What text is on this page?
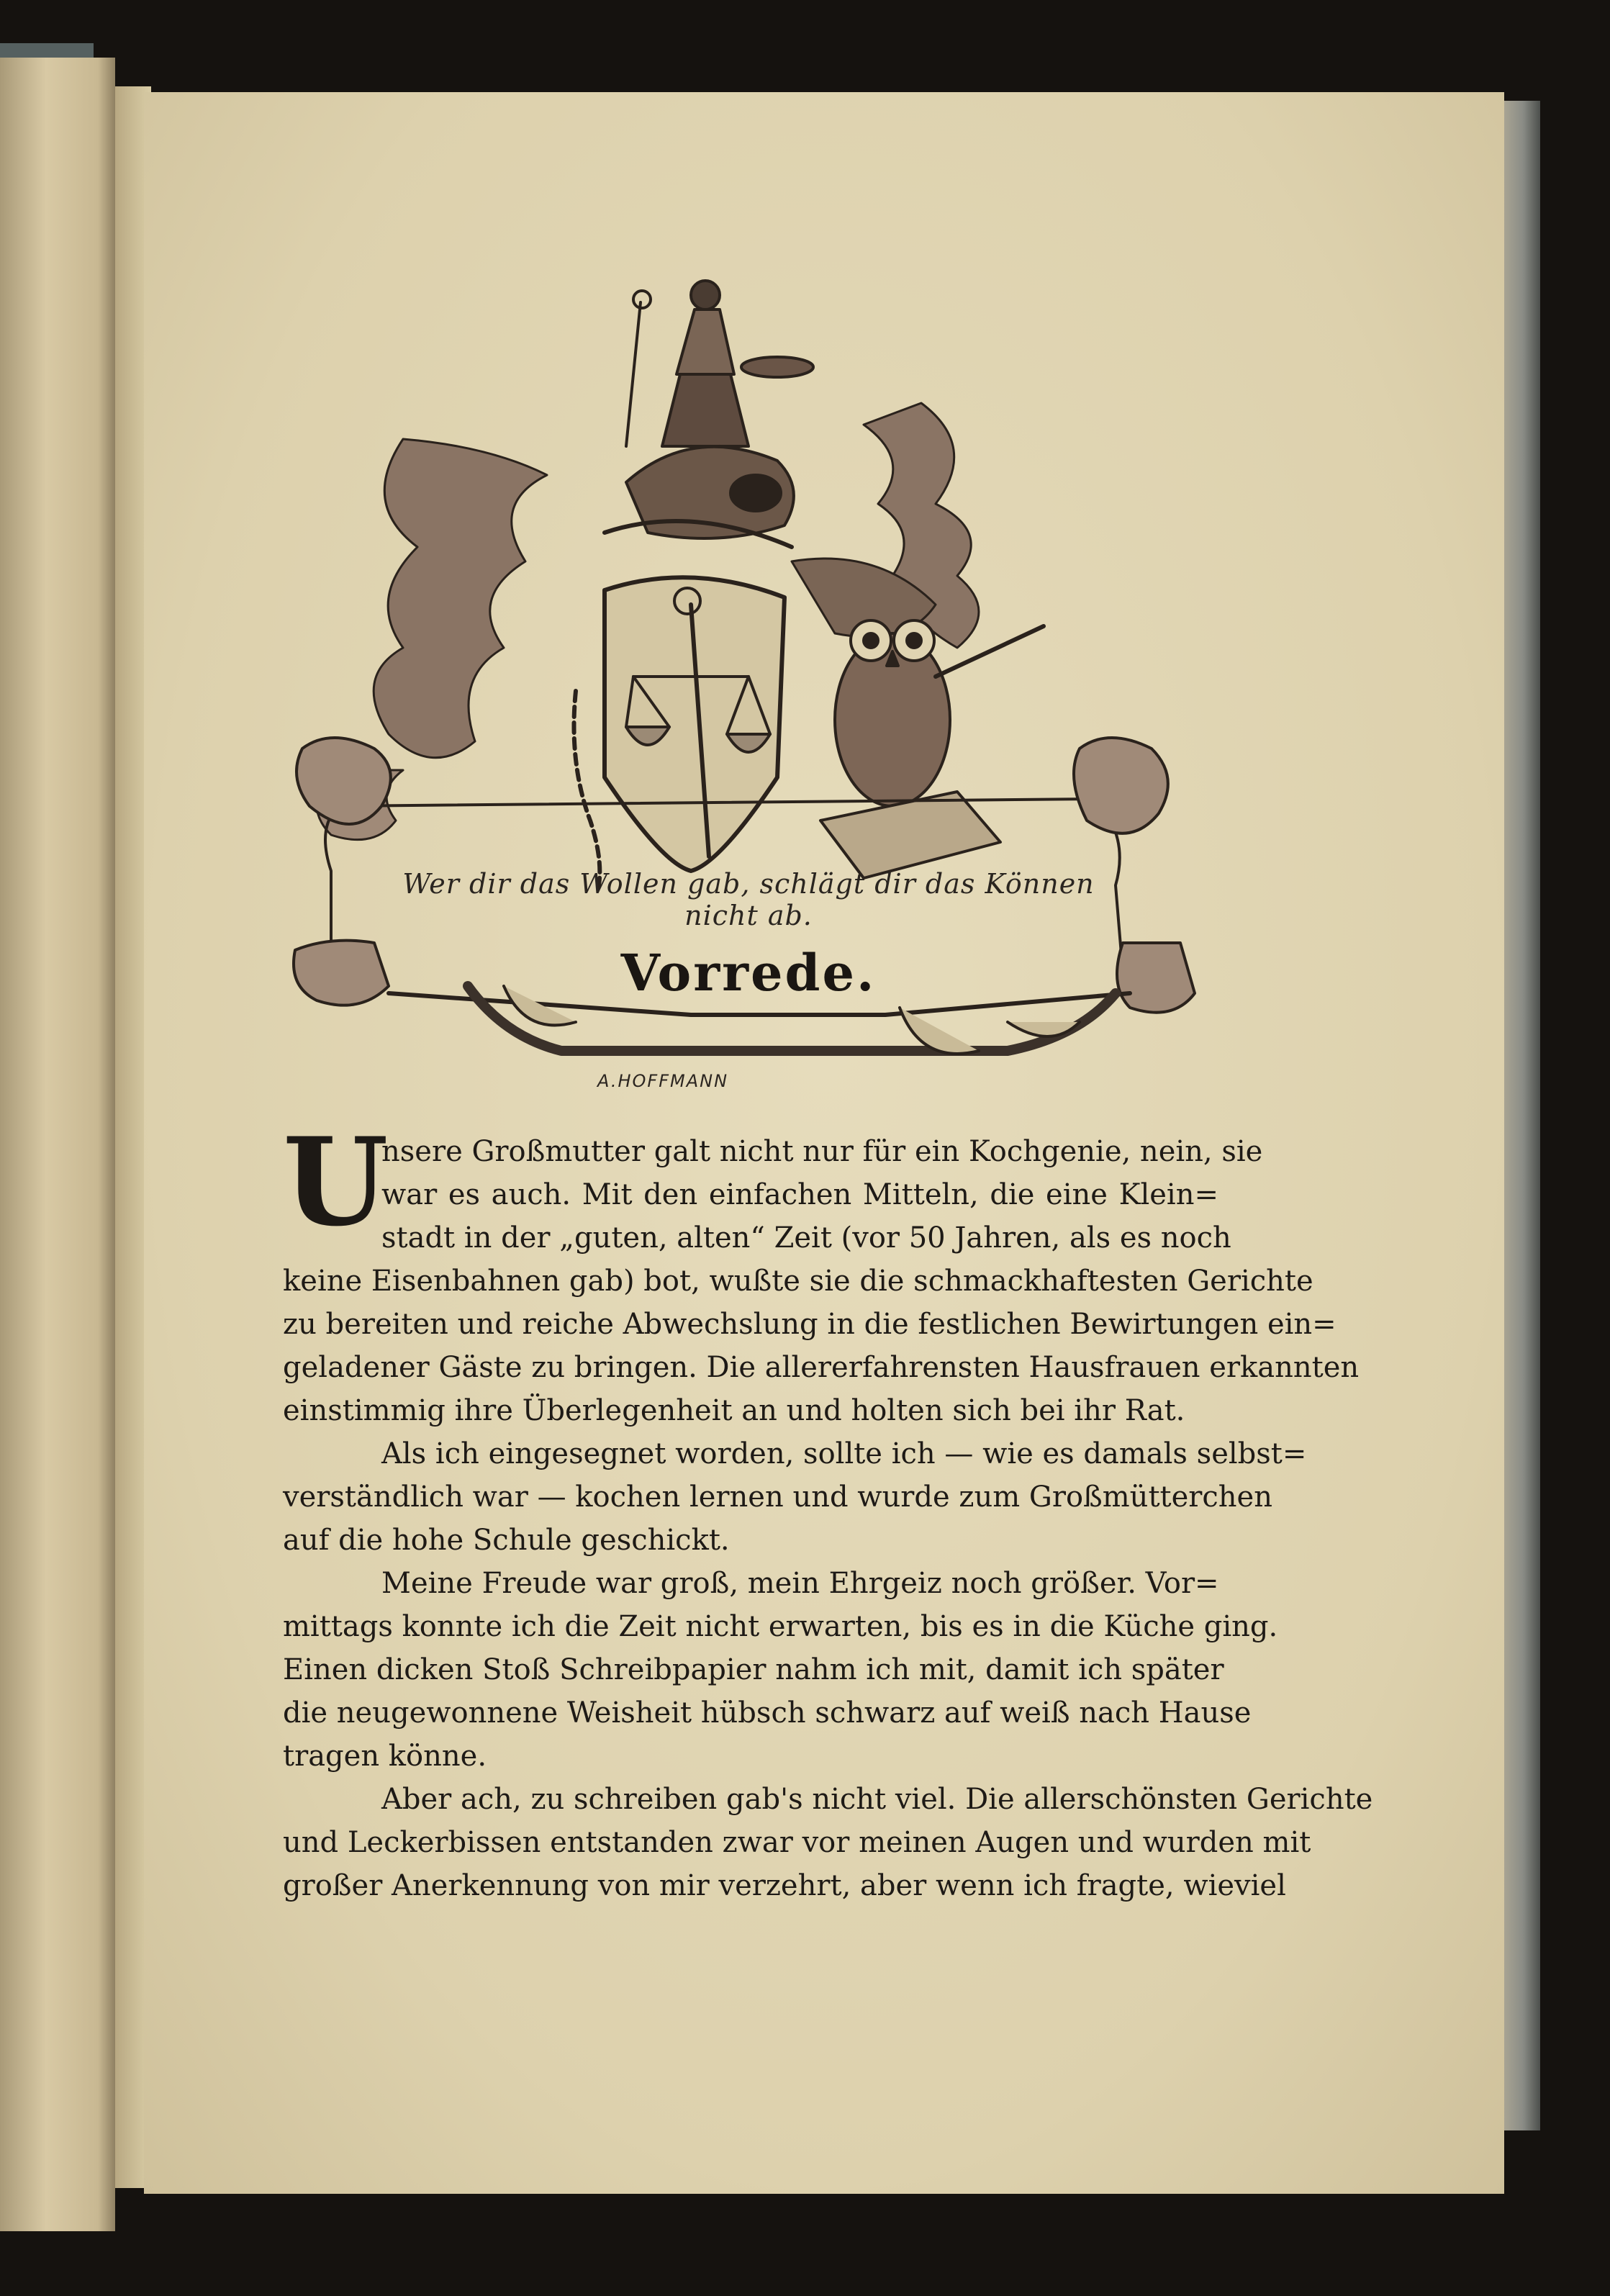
Wer dir das Wollen gab, schlägt dir das Können nicht ab.
Vorrede.
A.HOFFMANN
U
nsere Großmutter galt nicht nur für ein Kochgenie, nein, sie
war es auch. Mit den einfachen Mitteln, die eine Klein=
stadt in der „guten, alten“ Zeit (vor 50 Jahren, als es noch
keine Eisenbahnen gab) bot, wußte sie die schmackhaftesten Gerichte
zu bereiten und reiche Abwechslung in die festlichen Bewirtungen ein=
geladener Gäste zu bringen. Die allererfahrensten Hausfrauen erkannten
einstimmig ihre Überlegenheit an und holten sich bei ihr Rat.
Als ich eingesegnet worden, sollte ich — wie es damals selbst=
verständlich war — kochen lernen und wurde zum Großmütterchen
auf die hohe Schule geschickt.
Meine Freude war groß, mein Ehrgeiz noch größer. Vor=
mittags konnte ich die Zeit nicht erwarten, bis es in die Küche ging.
Einen dicken Stoß Schreibpapier nahm ich mit, damit ich später
die neugewonnene Weisheit hübsch schwarz auf weiß nach Hause
tragen könne.
Aber ach, zu schreiben gab's nicht viel. Die allerschönsten Gerichte
und Leckerbissen entstanden zwar vor meinen Augen und wurden mit
großer Anerkennung von mir verzehrt, aber wenn ich fragte, wieviel
